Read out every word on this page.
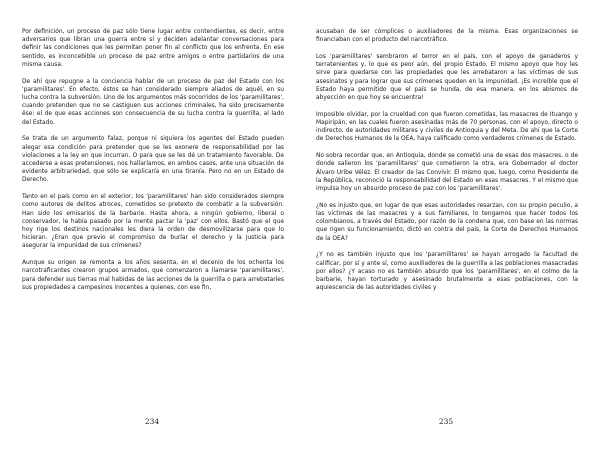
Por definición, un proceso de paz sólo tiene lugar entre contendientes, es decir, entre adversarios que libran una guerra entre sí y deciden adelantar conversaciones para definir las condiciones que les permitan poner fin al conflicto que los enfrenta. En ese sentido, es inconcebible un proceso de paz entre amigos o entre partidarios de una misma causa.

De ahí que repugne a la conciencia hablar de un proceso de paz del Estado con los 'paramilitares'. En efecto, éstos se han considerado siempre aliados de aquél, en su lucha contra la subversión. Uno de los argumentos más socorridos de los 'paramilitares', cuando pretenden que no se castiguen sus acciones criminales, ha sido precisamente ése: el de que esas acciones son consecuencia de su lucha contra la guerrilla, al lado del Estado.

Se trata de un argumento falaz, porque ni siquiera los agentes del Estado pueden alegar esa condición para pretender que se les exonere de responsabilidad por las violaciones a la ley en que incurran. O para que se les dé un tratamiento favorable. De accederse a esas pretensiones, nos hallaríamos, en ambos casos, ante una situación de evidente arbitrariedad, que sólo se explicaría en una tiranía. Pero no en un Estado de Derecho.

Tanto en el país como en el exterior, los 'paramilitares' han sido considerados siempre como autores de delitos atroces, cometidos so pretexto de combatir a la subversión. Han sido los emisarios de la barbarie. Hasta ahora, a ningún gobierno, liberal o conservador, le había pasado por la mente pactar la 'paz' con ellos. Bastó que el que hoy rige los destinos nacionales les diera la orden de desmovilizarse para que lo hicieran. ¿Eran que previo el compromiso de burlar el derecho y la justicia para asegurar la impunidad de sus crímenes?

Aunque su origen se remonta a los años sesenta, en el decenio de los ochenta los narcotraficantes crearon grupos armados, que comenzaron a llamarse 'paramilitares', para defender sus tierras mal habidas de las acciones de la guerrilla o para arrebatarles sus propiedades a campesinos inocentes a quienes, con ese fin,

234

acusaban de ser cómplices o auxiliadores de la misma. Esas organizaciones se financiaban con el producto del narcotráfico.

Los 'paramilitares' sembraron el terror en el país, con el apoyo de ganaderos y terratenientes y, lo que es peor aún, del propio Estado. El mismo apoyo que hoy les sirve para quedarse con las propiedades que les arrebataron a las víctimas de sus asesinatos y para lograr que sus crímenes queden en la impunidad. ¡Es increíble que el Estado haya permitido que el país se hunda, de esa manera, en los abismos de abyección en que hoy se encuentra!

Imposible olvidar, por la crueldad con que fueron cometidas, las masacres de Ituango y Mapiripán, en las cuales fueron asesinadas más de 70 personas, con el apoyo, directo o indirecto, de autoridades militares y civiles de Antioquia y del Meta. De ahí que la Corte de Derechos Humanos de la OEA, haya calificado como verdaderos crímenes de Estado.

No sobra recordar que, en Antioquia, donde se cometió una de esas dos masacres, o de donde salieron los 'paramilitares' que cometieron la otra, era Gobernador el doctor Álvaro Uribe Vélez. El creador de las Convivir. El mismo que, luego, como Presidente de la República, reconoció la responsabilidad del Estado en esas masacres. Y el mismo que impulsa hoy un absurdo proceso de paz con los 'paramilitares'.

¿No es injusto que, en lugar de que esas autoridades resarzan, con su propio peculio, a las víctimas de las masacres y a sus familiares, lo tengamos que hacer todos los colombianos, a través del Estado, por razón de la condena que, con base en las normas que rigen su funcionamiento, dictó en contra del país, la Corte de Derechos Humanos de la OEA?

¿Y no es también injusto que los 'paramilitares' se hayan arrogado la facultad de calificar, por sí y ante sí, como auxiliadores de la guerrilla a las poblaciones masacradas por ellos? ¿Y acaso no es también absurdo que los 'paramilitares', en el colmo de la barbarie, hayan torturado y asesinado brutalmente a esas poblaciones, con la aquiescencia de las autoridades civiles y

235
